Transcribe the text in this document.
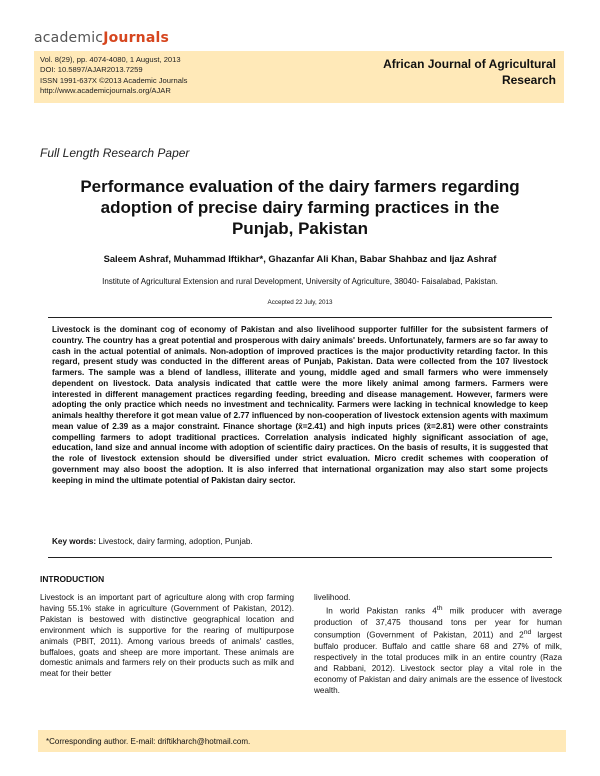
academicJournals
Vol. 8(29), pp. 4074-4080, 1 August, 2013
DOI: 10.5897/AJAR2013.7259
ISSN 1991-637X ©2013 Academic Journals
http://www.academicjournals.org/AJAR
African Journal of Agricultural
Research
Full Length Research Paper
Performance evaluation of the dairy farmers regarding
adoption of precise dairy farming practices in the
Punjab, Pakistan
Saleem Ashraf, Muhammad Iftikhar*, Ghazanfar Ali Khan, Babar Shahbaz and Ijaz Ashraf
Institute of Agricultural Extension and rural Development, University of Agriculture, 38040- Faisalabad, Pakistan.
Accepted 22 July, 2013

Livestock is the dominant cog of economy of Pakistan and also livelihood supporter fulfiller for the subsistent farmers of country. The country has a great potential and prosperous with dairy animals' breeds. Unfortunately, farmers are so far away to cash in the actual potential of animals. Non-adoption of improved practices is the major productivity retarding factor. In this regard, present study was conducted in the different areas of Punjab, Pakistan. Data were collected from the 107 livestock farmers. The sample was a blend of landless, illiterate and young, middle aged and small farmers who were immensely dependent on livestock. Data analysis indicated that cattle were the more likely animal among farmers. Farmers were interested in different management practices regarding feeding, breeding and disease management. However, farmers were adopting the only practice which needs no investment and technicality. Farmers were lacking in technical knowledge to keep animals healthy therefore it got mean value of 2.77 influenced by non-cooperation of livestock extension agents with maximum mean value of 2.39 as a major constraint. Finance shortage (x̄=2.41) and high inputs prices (x̄=2.81) were other constraints compelling farmers to adopt traditional practices. Correlation analysis indicated highly significant association of age, education, land size and annual income with adoption of scientific dairy practices. On the basis of results, it is suggested that the role of livestock extension should be diversified under strict evaluation. Micro credit schemes with cooperation of government may also boost the adoption. It is also inferred that international organization may also start some projects keeping in mind the ultimate potential of Pakistan dairy sector.

Key words: Livestock, dairy farming, adoption, Punjab.

INTRODUCTION

Livestock is an important part of agriculture along with crop farming having 55.1% stake in agriculture (Government of Pakistan, 2012). Pakistan is bestowed with distinctive geographical location and environment which is supportive for the rearing of multipurpose animals (PBIT, 2011). Among various breeds of animals' castles, buffaloes, goats and sheep are more important. These animals are domestic animals and farmers rely on their products such as milk and meat for their better

livelihood.

In world Pakistan ranks 4th milk producer with average production of 37,475 thousand tons per year for human consumption (Government of Pakistan, 2011) and 2nd largest buffalo producer. Buffalo and cattle share 68 and 27% of milk, respectively in the total produces milk in an entire country (Raza and Rabbani, 2012). Livestock sector play a vital role in the economy of Pakistan and dairy animals are the essence of livestock wealth.

*Corresponding author. E-mail: driftikharch@hotmail.com.
